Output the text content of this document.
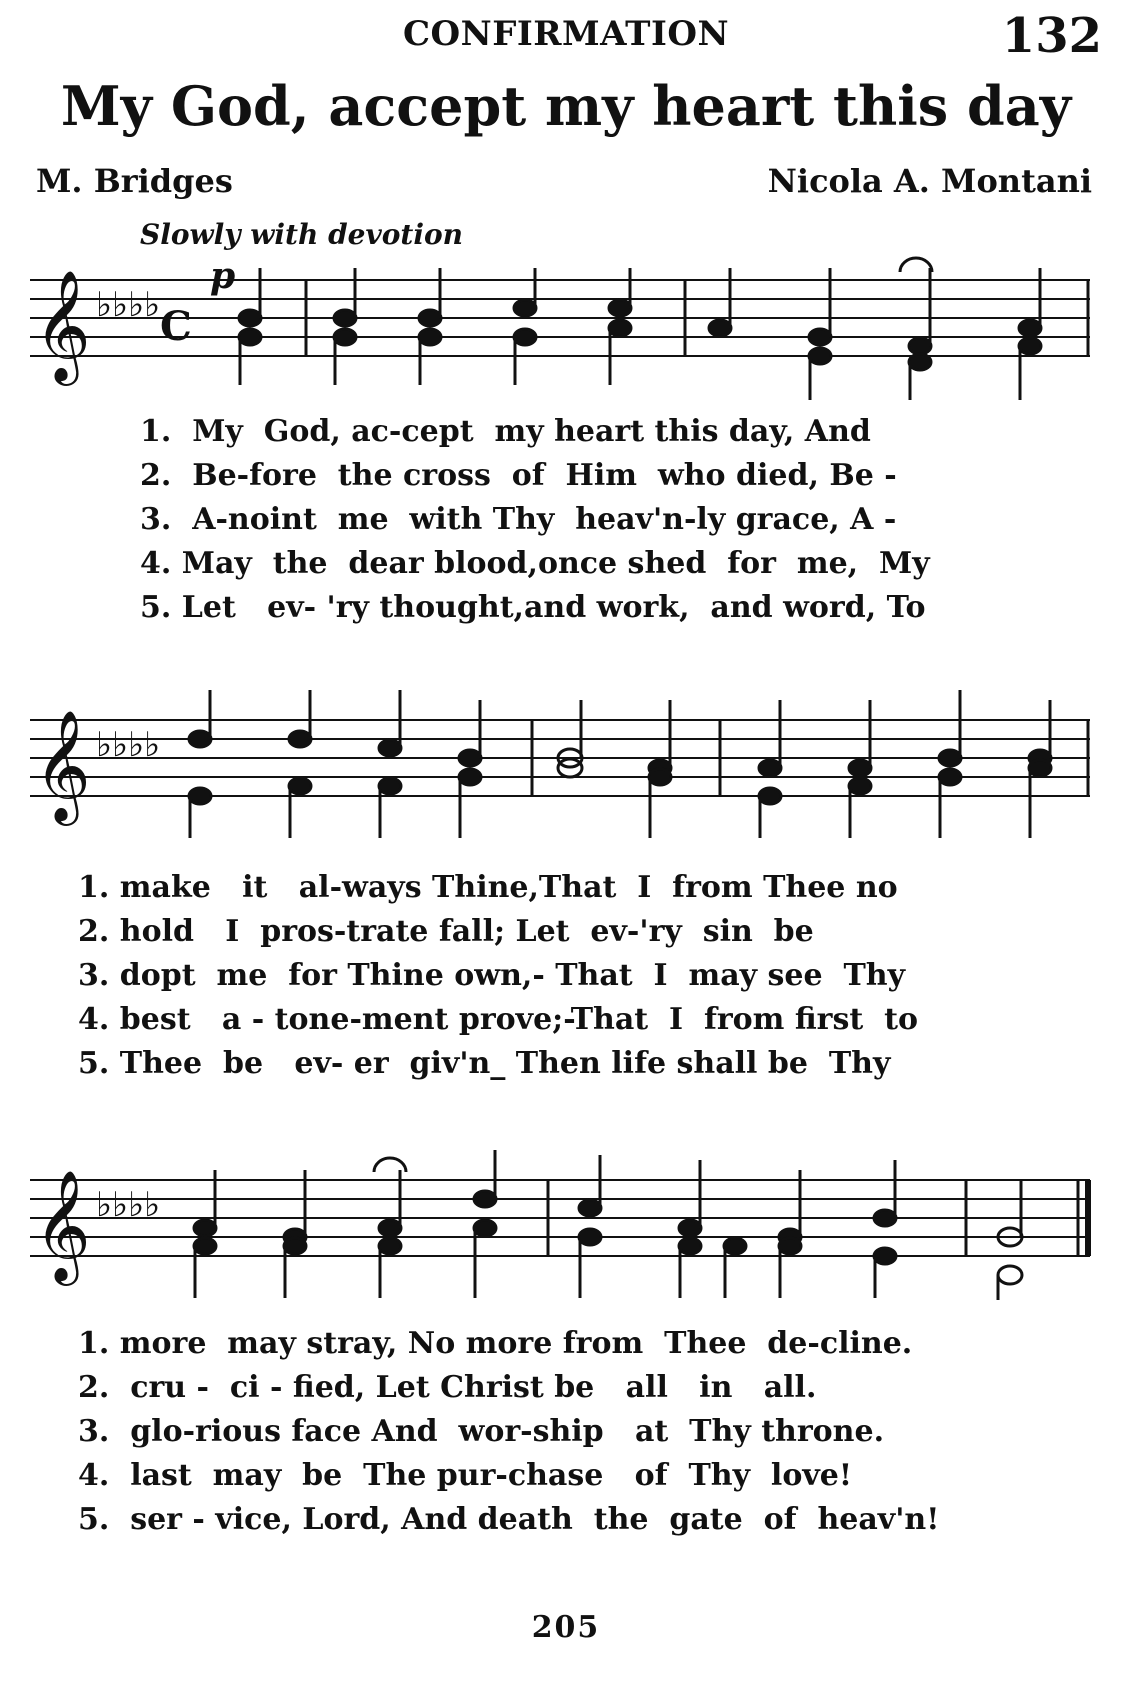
CONFIRMATION	132
My God, accept my heart this day
M. Bridges	Nicola A. Montani
Slowly with devotion
p
𝄞 ♭♭♭♭ C
1.  My  God, ac-cept  my heart this day, And
2.  Be-fore  the cross  of  Him  who died, Be -
3.  A-noint  me  with Thy  heav'n-ly grace, A -
4. May  the  dear blood,once shed  for  me,  My
5. Let   ev- 'ry thought,and work,  and word, To
𝄞 ♭♭♭♭
1. make   it   al-ways Thine,That  I  from Thee no
2. hold   I  pros-trate fall; Let  ev-'ry  sin  be
3. dopt  me  for Thine own,- That  I  may see  Thy
4. best   a - tone-ment prove;-That  I  from first  to
5. Thee  be   ev- er  giv'n_ Then life shall be  Thy
𝄞 ♭♭♭♭
1. more  may stray, No more from  Thee  de-cline.
2.  cru -  ci - fied, Let Christ be   all   in   all.
3.  glo-rious face And  wor-ship   at  Thy throne.
4.  last  may  be  The pur-chase   of  Thy  love!
5.  ser - vice, Lord, And death  the  gate  of  heav'n!
205
